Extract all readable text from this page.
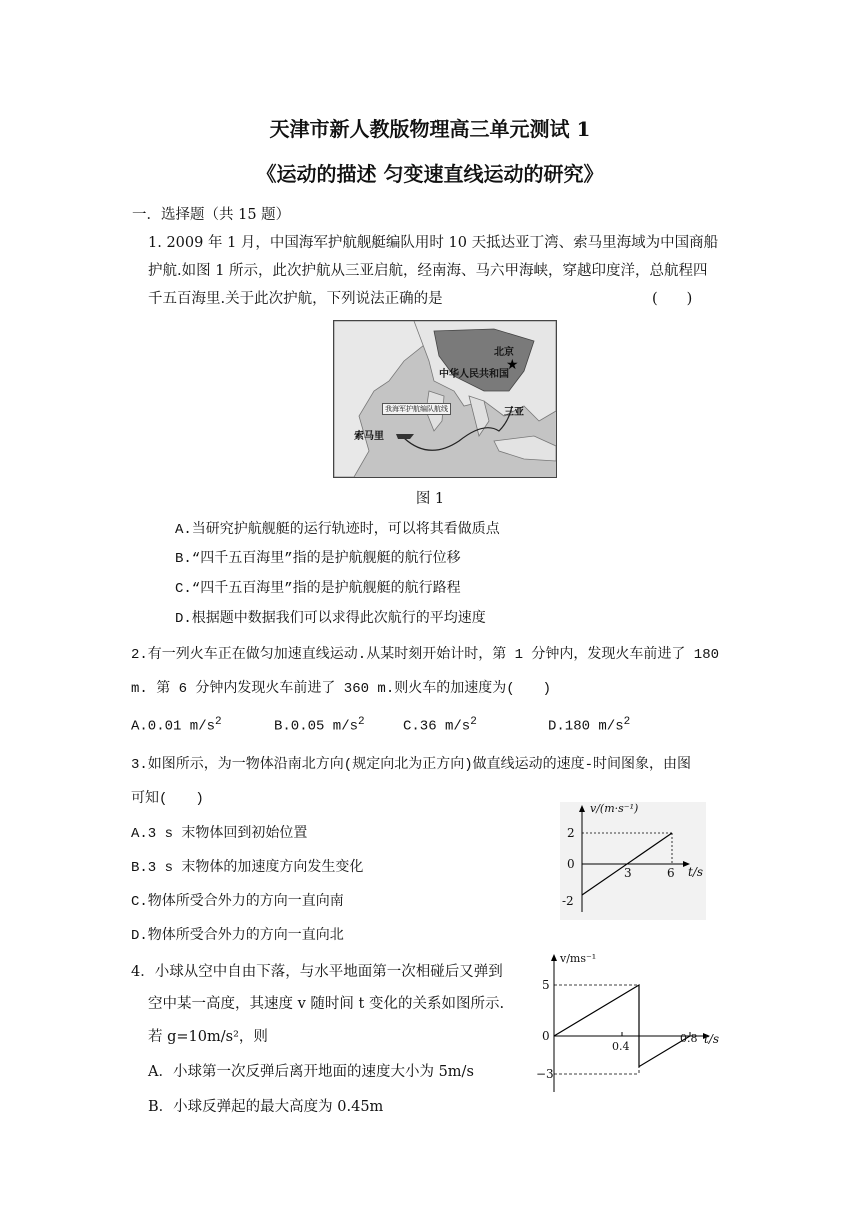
天津市新人教版物理高三单元测试 1
《运动的描述 匀变速直线运动的研究》
一．选择题（共 15 题）
1. 2009 年 1 月，中国海军护航舰艇编队用时 10 天抵达亚丁湾、索马里海域为中国商船
护航.如图 1 所示，此次护航从三亚启航，经南海、马六甲海峡，穿越印度洋，总航程四
千五百海里.关于此次护航，下列说法正确的是	(　　)
★
北京
中华人民共和国
我海军护航编队航线	三亚
索马里
图 1
A.当研究护航舰艇的运行轨迹时，可以将其看做质点
B.“四千五百海里”指的是护航舰艇的航行位移
C.“四千五百海里”指的是护航舰艇的航行路程
D.根据题中数据我们可以求得此次航行的平均速度
2.有一列火车正在做匀加速直线运动.从某时刻开始计时，第 1 分钟内，发现火车前进了 180
m. 第 6 分钟内发现火车前进了 360 m.则火车的加速度为(　　)
A.0.01 $m/s^2$	B.0.05 $m/s^2$	C.36 $m/s^2$	D.180 $m/s^2$
3.如图所示，为一物体沿南北方向(规定向北为正方向)做直线运动的速度-时间图象，由图
可知(　　)
A.3 s 末物体回到初始位置
B.3 s 末物体的加速度方向发生变化
C.物体所受合外力的方向一直向南
D.物体所受合外力的方向一直向北
v/(m·s⁻¹)
t/s
2
0
-2
3	6
4．小球从空中自由下落，与水平地面第一次相碰后又弹到
空中某一高度，其速度 v 随时间 t 变化的关系如图所示.
若 g=10m/s²，则
A．小球第一次反弹后离开地面的速度大小为 5m/s
B．小球反弹起的最大高度为 0.45m
v/ms⁻¹
t/s
5
0
−3
0.4
0.8
